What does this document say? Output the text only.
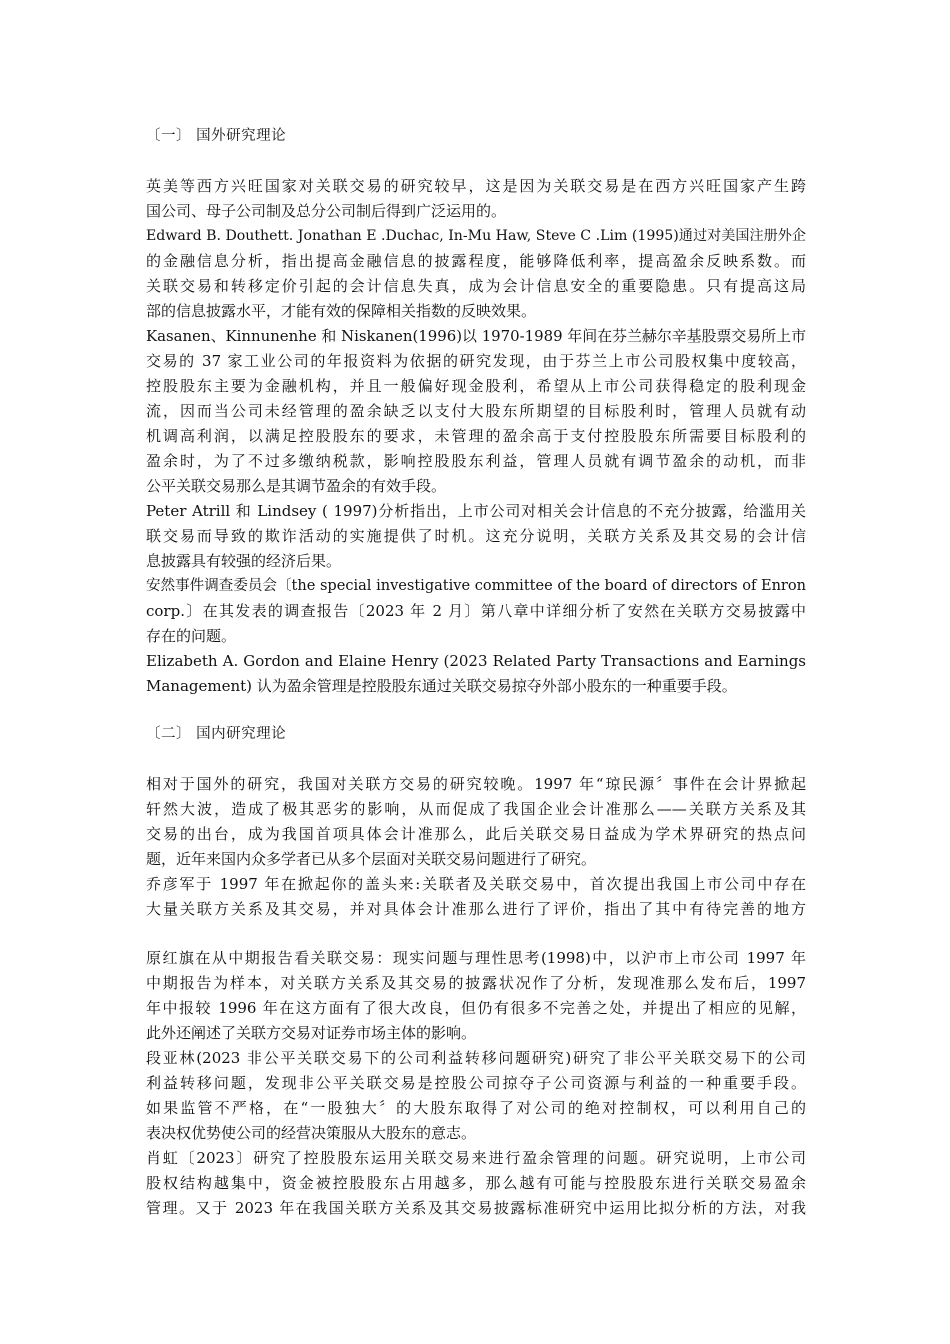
〔一〕 国外研究理论
英美等西方兴旺国家对关联交易的研究较早，这是因为关联交易是在西方兴旺国家产生跨
国公司、母子公司制及总分公司制后得到广泛运用的。
Edward B. Douthett. Jonathan E .Duchac, In-Mu Haw, Steve C .Lim (1995)通过对美国注册外企
的金融信息分析，指出提高金融信息的披露程度，能够降低利率，提高盈余反映系数。而
关联交易和转移定价引起的会计信息失真，成为会计信息安全的重要隐患。只有提高这局
部的信息披露水平，才能有效的保障相关指数的反映效果。
Kasanen、Kinnunenhe 和 Niskanen(1996)以 1970-1989 年间在芬兰赫尔辛基股票交易所上市
交易的 37 家工业公司的年报资料为依据的研究发现，由于芬兰上市公司股权集中度较高，
控股股东主要为金融机构，并且一般偏好现金股利，希望从上市公司获得稳定的股利现金
流，因而当公司未经管理的盈余缺乏以支付大股东所期望的目标股利时，管理人员就有动
机调高利润，以满足控股股东的要求，未管理的盈余高于支付控股股东所需要目标股利的
盈余时，为了不过多缴纳税款，影响控股股东利益，管理人员就有调节盈余的动机，而非
公平关联交易那么是其调节盈余的有效手段。
Peter Atrill 和 Lindsey ( 1997)分析指出，上市公司对相关会计信息的不充分披露，给滥用关
联交易而导致的欺诈活动的实施提供了时机。这充分说明，关联方关系及其交易的会计信
息披露具有较强的经济后果。
安然事件调查委员会〔the special investigative committee of the board of directors of Enron
corp.〕在其发表的调查报告〔2023 年 2 月〕第八章中详细分析了安然在关联方交易披露中
存在的问题。
Elizabeth A. Gordon and Elaine Henry (2023 Related Party Transactions and Earnings
Management) 认为盈余管理是控股股东通过关联交易掠夺外部小股东的一种重要手段。
〔二〕 国内研究理论
相对于国外的研究，我国对关联方交易的研究较晚。1997 年“琼民源〞事件在会计界掀起
轩然大波，造成了极其恶劣的影响，从而促成了我国企业会计准那么——关联方关系及其
交易的出台，成为我国首项具体会计准那么，此后关联交易日益成为学术界研究的热点问
题，近年来国内众多学者已从多个层面对关联交易问题进行了研究。
乔彦军于 1997 年在掀起你的盖头来:关联者及关联交易中，首次提出我国上市公司中存在
大量关联方关系及其交易，并对具体会计准那么进行了评价，指出了其中有待完善的地方
原红旗在从中期报告看关联交易：现实问题与理性思考(1998)中，以沪市上市公司 1997 年
中期报告为样本，对关联方关系及其交易的披露状况作了分析，发现准那么发布后，1997
年中报较 1996 年在这方面有了很大改良，但仍有很多不完善之处，并提出了相应的见解，
此外还阐述了关联方交易对证券市场主体的影响。
段亚林(2023 非公平关联交易下的公司利益转移问题研究)研究了非公平关联交易下的公司
利益转移问题，发现非公平关联交易是控股公司掠夺子公司资源与利益的一种重要手段。
如果监管不严格，在“一股独大〞的大股东取得了对公司的绝对控制权，可以利用自己的
表决权优势使公司的经营决策服从大股东的意志。
肖虹〔2023〕研究了控股股东运用关联交易来进行盈余管理的问题。研究说明，上市公司
股权结构越集中，资金被控股股东占用越多，那么越有可能与控股股东进行关联交易盈余
管理。又于 2023 年在我国关联方关系及其交易披露标准研究中运用比拟分析的方法，对我
